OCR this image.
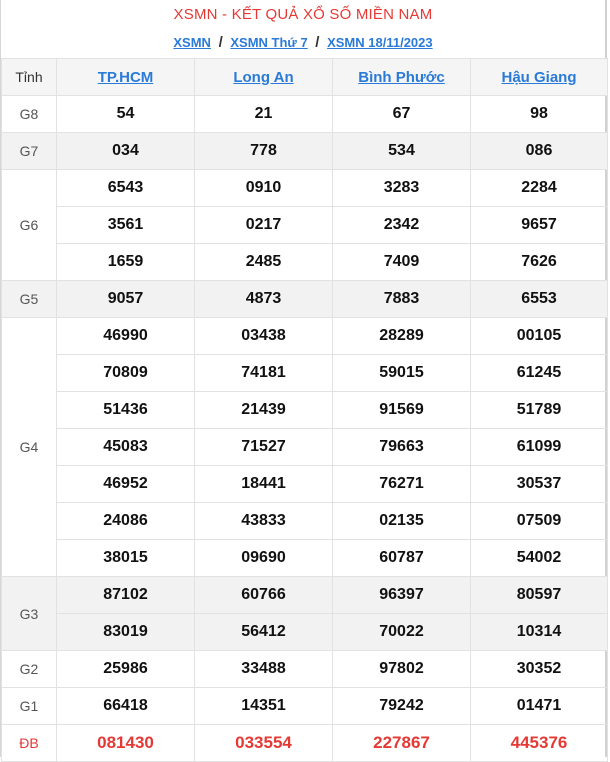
XSMN - KẾT QUẢ XỔ SỐ MIỀN NAM
XSMN / XSMN Thứ 7 / XSMN 18/11/2023
Tỉnh	TP.HCM	Long An	Bình Phước	Hậu Giang
G8	54	21	67	98
G7	034	778	534	086
G6	6543	0910	3283	2284
	3561	0217	2342	9657
	1659	2485	7409	7626
G5	9057	4873	7883	6553
G4	46990	03438	28289	00105
	70809	74181	59015	61245
	51436	21439	91569	51789
	45083	71527	79663	61099
	46952	18441	76271	30537
	24086	43833	02135	07509
	38015	09690	60787	54002
G3	87102	60766	96397	80597
	83019	56412	70022	10314
G2	25986	33488	97802	30352
G1	66418	14351	79242	01471
ĐB	081430	033554	227867	445376
